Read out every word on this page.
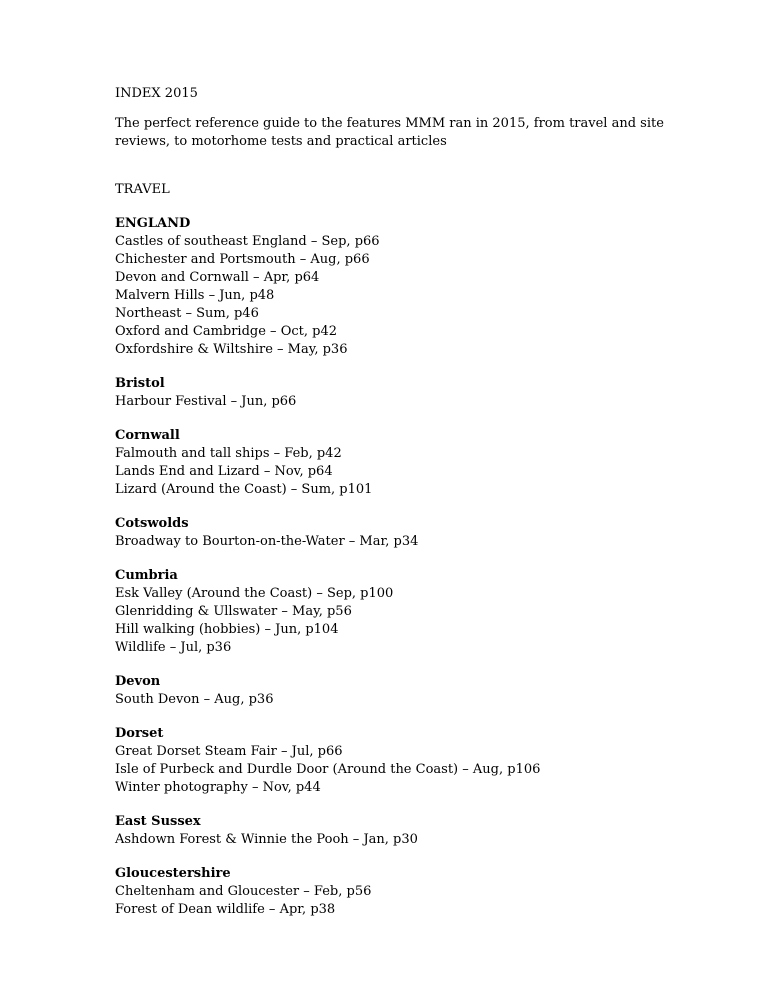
INDEX 2015
The perfect reference guide to the features MMM ran in 2015, from travel and site reviews, to motorhome tests and practical articles
TRAVEL
ENGLAND
Castles of southeast England – Sep, p66
Chichester and Portsmouth – Aug, p66
Devon and Cornwall – Apr, p64
Malvern Hills – Jun, p48
Northeast – Sum, p46
Oxford and Cambridge – Oct, p42
Oxfordshire & Wiltshire – May, p36
Bristol
Harbour Festival – Jun, p66
Cornwall
Falmouth and tall ships – Feb, p42
Lands End and Lizard – Nov, p64
Lizard (Around the Coast) – Sum, p101
Cotswolds
Broadway to Bourton-on-the-Water – Mar, p34
Cumbria
Esk Valley (Around the Coast) – Sep, p100
Glenridding & Ullswater – May, p56
Hill walking (hobbies) – Jun, p104
Wildlife – Jul, p36
Devon
South Devon – Aug, p36
Dorset
Great Dorset Steam Fair – Jul, p66
Isle of Purbeck and Durdle Door (Around the Coast) – Aug, p106
Winter photography – Nov, p44
East Sussex
Ashdown Forest & Winnie the Pooh – Jan, p30
Gloucestershire
Cheltenham and Gloucester – Feb, p56
Forest of Dean wildlife – Apr, p38
